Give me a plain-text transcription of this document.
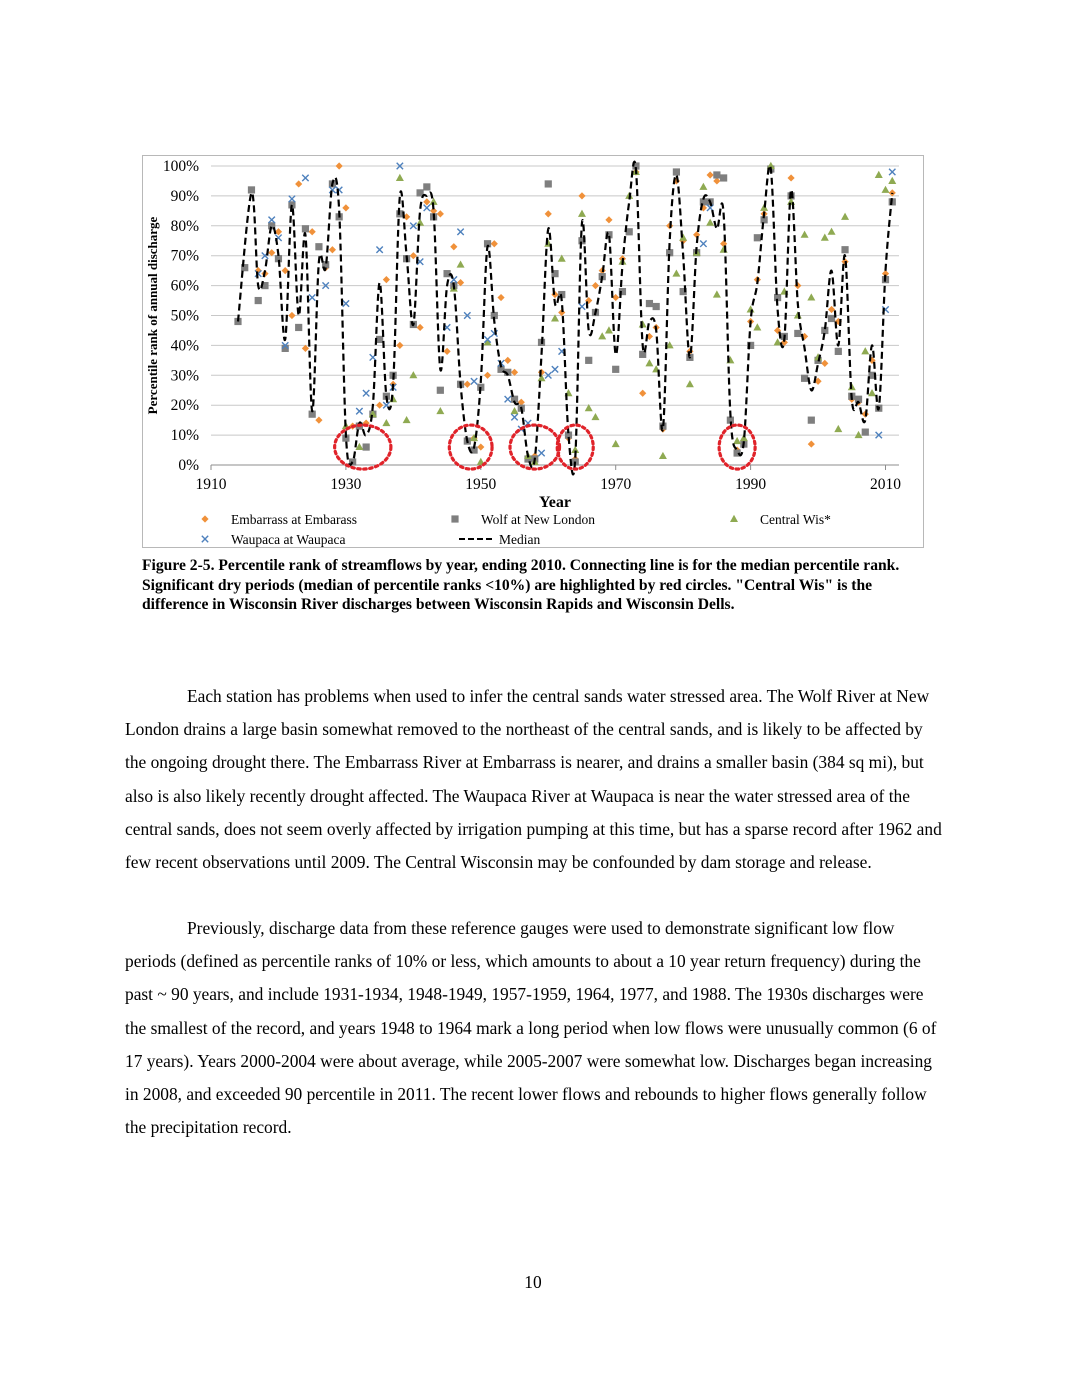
0%
10%
20%
30%
40%
50%
60%
70%
80%
90%
100%
1910	1930	1950	1970	1990	2010
Year
Percentile rank of annual discharge
Embarrass at Embarass	Wolf at New London	Central Wis*
Waupaca at Waupaca	Median
Figure 2-5. Percentile rank of streamflows by year, ending 2010. Connecting line is for the median percentile rank. Significant dry periods (median of percentile ranks <10%) are highlighted by red circles. "Central Wis" is the difference in Wisconsin River discharges between Wisconsin Rapids and Wisconsin Dells.

Each station has problems when used to infer the central sands water stressed area. The Wolf River at New London drains a large basin somewhat removed to the northeast of the central sands, and is likely to be affected by the ongoing drought there. The Embarrass River at Embarrass is nearer, and drains a smaller basin (384 sq mi), but also is also likely recently drought affected. The Waupaca River at Waupaca is near the water stressed area of the central sands, does not seem overly affected by irrigation pumping at this time, but has a sparse record after 1962 and few recent observations until 2009. The Central Wisconsin may be confounded by dam storage and release.

Previously, discharge data from these reference gauges were used to demonstrate significant low flow periods (defined as percentile ranks of 10% or less, which amounts to about a 10 year return frequency) during the past ~ 90 years, and include 1931-1934, 1948-1949, 1957-1959, 1964, 1977, and 1988. The 1930s discharges were the smallest of the record, and years 1948 to 1964 mark a long period when low flows were unusually common (6 of 17 years). Years 2000-2004 were about average, while 2005-2007 were somewhat low. Discharges began increasing in 2008, and exceeded 90 percentile in 2011. The recent lower flows and rebounds to higher flows generally follow the precipitation record.

10
